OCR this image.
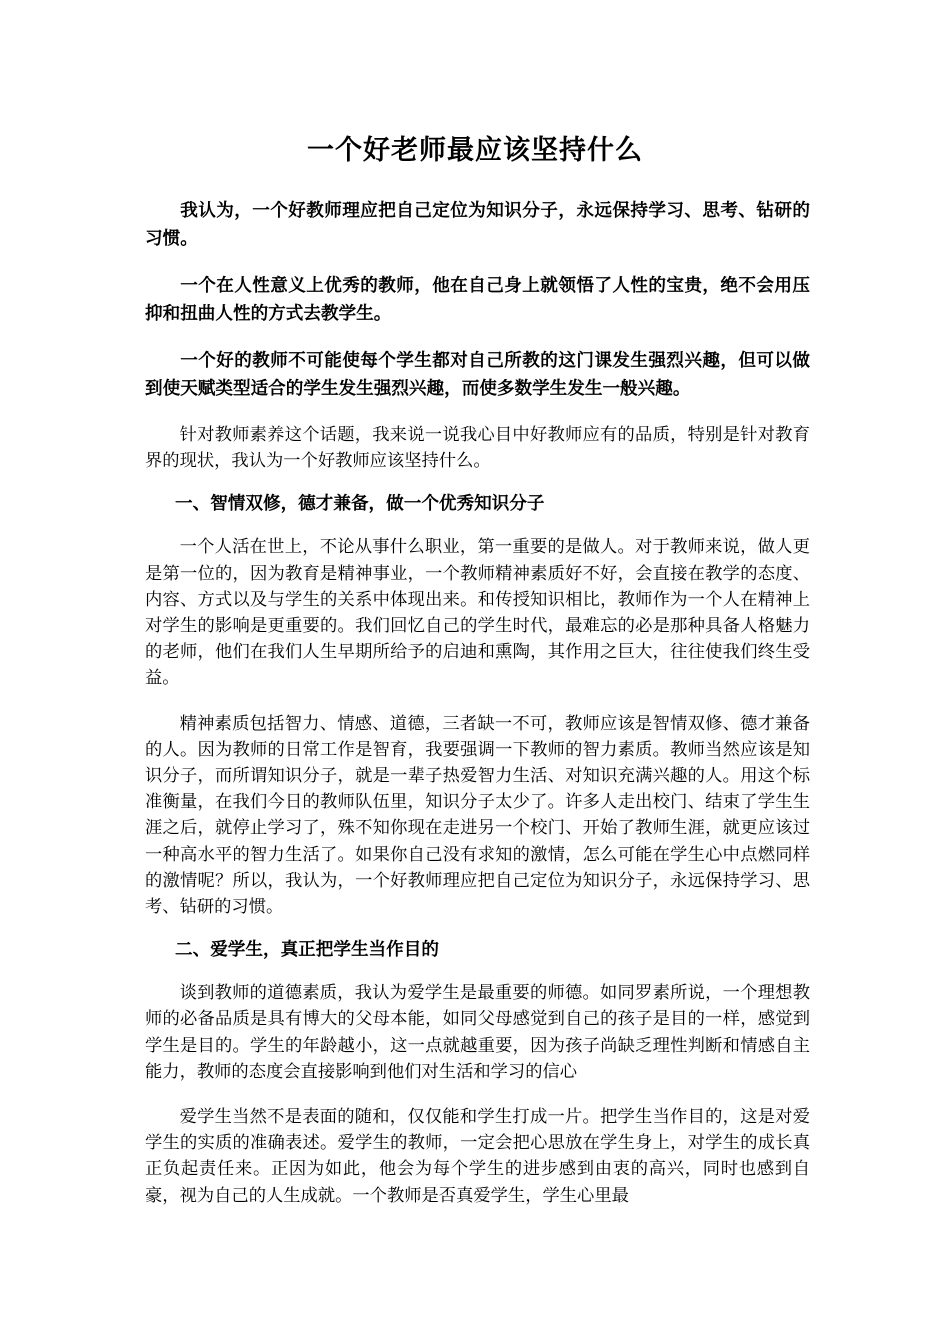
一个好老师最应该坚持什么

我认为，一个好教师理应把自己定位为知识分子，永远保持学习、思考、钻研的习惯。

一个在人性意义上优秀的教师，他在自己身上就领悟了人性的宝贵，绝不会用压抑和扭曲人性的方式去教学生。

一个好的教师不可能使每个学生都对自己所教的这门课发生强烈兴趣，但可以做到使天赋类型适合的学生发生强烈兴趣，而使多数学生发生一般兴趣。

针对教师素养这个话题，我来说一说我心目中好教师应有的品质，特别是针对教育界的现状，我认为一个好教师应该坚持什么。

一、智情双修，德才兼备，做一个优秀知识分子

一个人活在世上，不论从事什么职业，第一重要的是做人。对于教师来说，做人更是第一位的，因为教育是精神事业，一个教师精神素质好不好，会直接在教学的态度、内容、方式以及与学生的关系中体现出来。和传授知识相比，教师作为一个人在精神上对学生的影响是更重要的。我们回忆自己的学生时代，最难忘的必是那种具备人格魅力的老师，他们在我们人生早期所给予的启迪和熏陶，其作用之巨大，往往使我们终生受益。

精神素质包括智力、情感、道德，三者缺一不可，教师应该是智情双修、德才兼备的人。因为教师的日常工作是智育，我要强调一下教师的智力素质。教师当然应该是知识分子，而所谓知识分子，就是一辈子热爱智力生活、对知识充满兴趣的人。用这个标准衡量，在我们今日的教师队伍里，知识分子太少了。许多人走出校门、结束了学生生涯之后，就停止学习了，殊不知你现在走进另一个校门、开始了教师生涯，就更应该过一种高水平的智力生活了。如果你自己没有求知的激情，怎么可能在学生心中点燃同样的激情呢？所以，我认为，一个好教师理应把自己定位为知识分子，永远保持学习、思考、钻研的习惯。

二、爱学生，真正把学生当作目的

谈到教师的道德素质，我认为爱学生是最重要的师德。如同罗素所说，一个理想教师的必备品质是具有博大的父母本能，如同父母感觉到自己的孩子是目的一样，感觉到学生是目的。学生的年龄越小，这一点就越重要，因为孩子尚缺乏理性判断和情感自主能力，教师的态度会直接影响到他们对生活和学习的信心

爱学生当然不是表面的随和，仅仅能和学生打成一片。把学生当作目的，这是对爱学生的实质的准确表述。爱学生的教师，一定会把心思放在学生身上，对学生的成长真正负起责任来。正因为如此，他会为每个学生的进步感到由衷的高兴，同时也感到自豪，视为自己的人生成就。一个教师是否真爱学生，学生心里最
